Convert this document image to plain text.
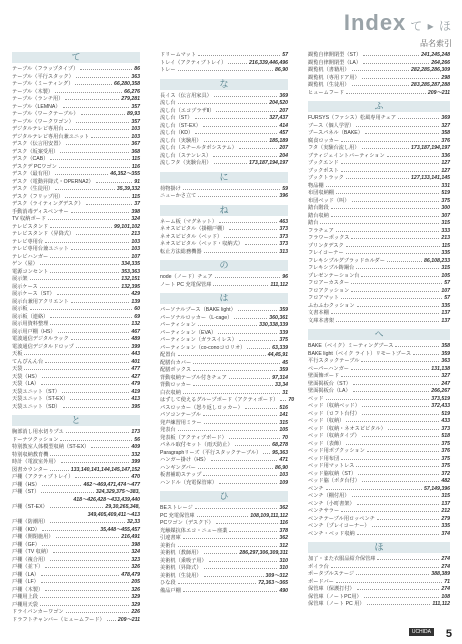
Index て ▸ ほ
品名索引
て
テーブル（フラップタイプ）	86
テーブル（平行スタック）	363
テーブル（ミーティング）	66,280,358
テーブル（木製）	66,276
テーブル（ランチ用）	279,281
テーブル（LEMNA）	357
テーブル（ワークテーブル）	89,93
テーブル（ワークワゴン）	357
デジタルテレビ専用台	103
デジタルテレビ専用台兼ユニット	103
デスク（伝言用安置）	367
デスク（坂案受用）	368
デスク（CAB）	115
デスクデ PCワゴン	116
デスク（最有用）	46,352〜355
デスク（電動昇降式・OPERNA2）	91
デスク（生徒用）	35,39,332
デスク（フリップ用）	115
デスク（ライティングデスク）	37
手動消毒ディスペンサー	398
TV 収納ボード	324
テレビスタンド	99,101,102
テレビスタンド（昇降式）	213
テレビ専用台	103
テレビ専用台兼ユニット	103
テレビハンガー	107
ゲン（屋）	334,335
電源コンセント	353,363
展示架	132,151
展示ケース	132,395
展示ケース（ST）	429
展示台兼用アクリエント	139
展示板	60
展示板（連絡）	69
展示用資料整理	132
展示用戸棚（HS）	467
電波通信デジタルラック	489
電波通信デジタルドロップ	399
天板	443
てんぴんん台	401
天袋	477
天袋（HS）	427
天袋（LA）	479
天袋ユニット（ST）	419
天袋ユニット（ST-EX）	413
天袋ユニット（SD）	395
と
胸部消し用水切りプユ	173
ドーナツクッション	56
特別教室人体模型収納（ST-EX）	409
特別収納教育機	332
時計（電波室外用）	399
図書カウンター	133,140,141,144,145,147,152
戸棚（アクティブトレイ）	470
戸棚（HS）	462〜469,471,474〜477
戸棚（ST）	324,329,375〜383,
418〜426,428〜433,439,440
戸棚（ST-EX）	29,30,265,348,
349,405,409,411〜413
戸棚（防潮用）	32,33
戸棚（KD）	35,448〜455,457
戸棚（開閉施用）	216,491
戸棚（GF）	398
戸棚（TV 収納）	324
戸棚（複合用）	323
戸棚（並下）	326
戸棚（LA）	478,479
戸棚（LF）	205
戸棚（木製）	326
戸棚用上段	329
戸棚用天袋	329
ドライバンカーワゴン	226
ドラフトチャンバー（ヒュームフード）	209〜211
ドリームマット	57
トレイ（アクティブトレイ）	216,339,446,496
トレー	86,90
な
長イス（伝言用家具）	369
流し台	204,520
流し台（エコプラザⅡ）	207
流し台（ST）	327,437
流し台（ST-EX）	414
流し台（KD）	457
流し台（実験用）	185,189
流し台（スチールタボシステム）	207
流し台（ステンレス）	204
流しフタ（実験台用）	173,187,194,197
に
荷物掛け	59
ニューかさ立て	396
ね
ネーム板（マグネット）	463
ネオスピビタル（掛棚戸棚）	373
ネオスピビタル（ベッド）	373
ネオスピビタル（ベッド・収納式）	373
転止方法総務機器	313
の
node（ノード）チェア	96
ノート PC 充電保管庫	111,112
は
パーソナルブース（BAKE light）	359
パーソナルロッカー（L-cage）	360,361
パーティション	330,338,339
パーティション（EVA）	339
パーティション（ガラスイレス）	375
パーティション（co-conoコロリオ）	63,339
配置台	44,45,91
配膳台カバー	45
配膳ボックス	359
背動収納テーブル付きチェア	97,314
背動ロッカー	33,34
白衣収納	31
はずして使えるグループボード（アクティボード） 70
パスロッカー（怒り返しロッカー）	516
パソコンテーブル	141
発声練習用ミラー	315
発表台	105
発表板（アクティブボード）	70
パネル取付セット（雨天防止）	68,278
Paragraphリーズ（平行スタックテーブル） 95,363
ハンガー掛け（HS）	471
ハンギングバー	86,90
板書補助ステップ	103
ハンドル（充電保管庫）	109
ひ
BEストレージ	362
PC 充電保管庫	108,109,111,112
PCワゴン（デスク下）	116
光触媒抗体エコ・ニュー座薬	378
引違書庫	362
美術台	312
美術机（教師用）	286,297,306,309,311
美術机（乗吸子用）	310
美術机（昇降式）	310
美術机（生徒用）	309〜312
ひな段	72,363〜365
備品戸棚	490
観覧自律開閉型（ST）	241,245,248
観覧自律開閉型（LA）	264,266
観覧机（書籍用）	282,285,286,309
観覧机（専用ドア用）	298
観覧机（生徒用）	283,285,287,288
ヒュームフード	209〜211
ふ
FURSYS（ファシス）松風専用チェア	369
ブース（個人学習）	327
ブースパネル（BAKE）	358
腐食ロッカー	376
フタ（実験台流し用）	173,187,194,197
ブティジェイントバーティション	336
ブックエンド	127
ブックポスト	127
ブックトラック	127,133,141,145
物品棚	331
布団収納棚	519
布団ベッド（叫）	375
踏台階段	300
踏台収納	307
踏台	315
フラチェア	333
フラワーボックス	213
プリンタデスク	115
フレイコーナー	335
フレキシブルグブラッドホルダー	86,108,233
フレキシブル鋳鋼台	315
プレゼンテーション台	105
フロアーカスター	57
フロアクッション	107
フロアマット	57
ふわふわクッション	335
文書本棚	137
文庫本書架	137
へ
BAKE（ベイク）ミーティングブース	358
BAKE light（ベイク ライト）リモートブース	359
平行スタックテーブル	363
ペーパーハンガー	131,138
壁面飾ボード	327
壁面掲板台（ST）	247
壁面掲板台（LA）	266,267
ベッド	373,519
ベッド（収納ベッド）	372,433
ベッド（ロフト台付）	519
ベッド（収納）	433
ベッド（収納・ネオスピビタル）	373
ベッド（収納タイプ）	518
ベッド（表飾）	375
ベッド用ボブクッション	376
ベッド用布団	375
ベッド用マットレス	375
ベッド脇収納（ST）	372
ベッド脇（ボタ台付）	482
ベンチ	57,149,396
ベンチ（棚付用）	315
ベンチ（小町書架）	137
ベンチサラー	212
ベンチテーブル用ロッペンチ	279
ベンチ（プレイコーナー）	335
ベンチ・ベッド収納	374
ほ
加了・また衣服品紹介保管庫	274
ボイラ台	274
ポータブルステージ	388,389
ボードバー	71
保管庫（保護打付）	274
保管庫（ノートPC用）	108
保管庫（ノート PC 用）	111,112
UCHIDA 5
